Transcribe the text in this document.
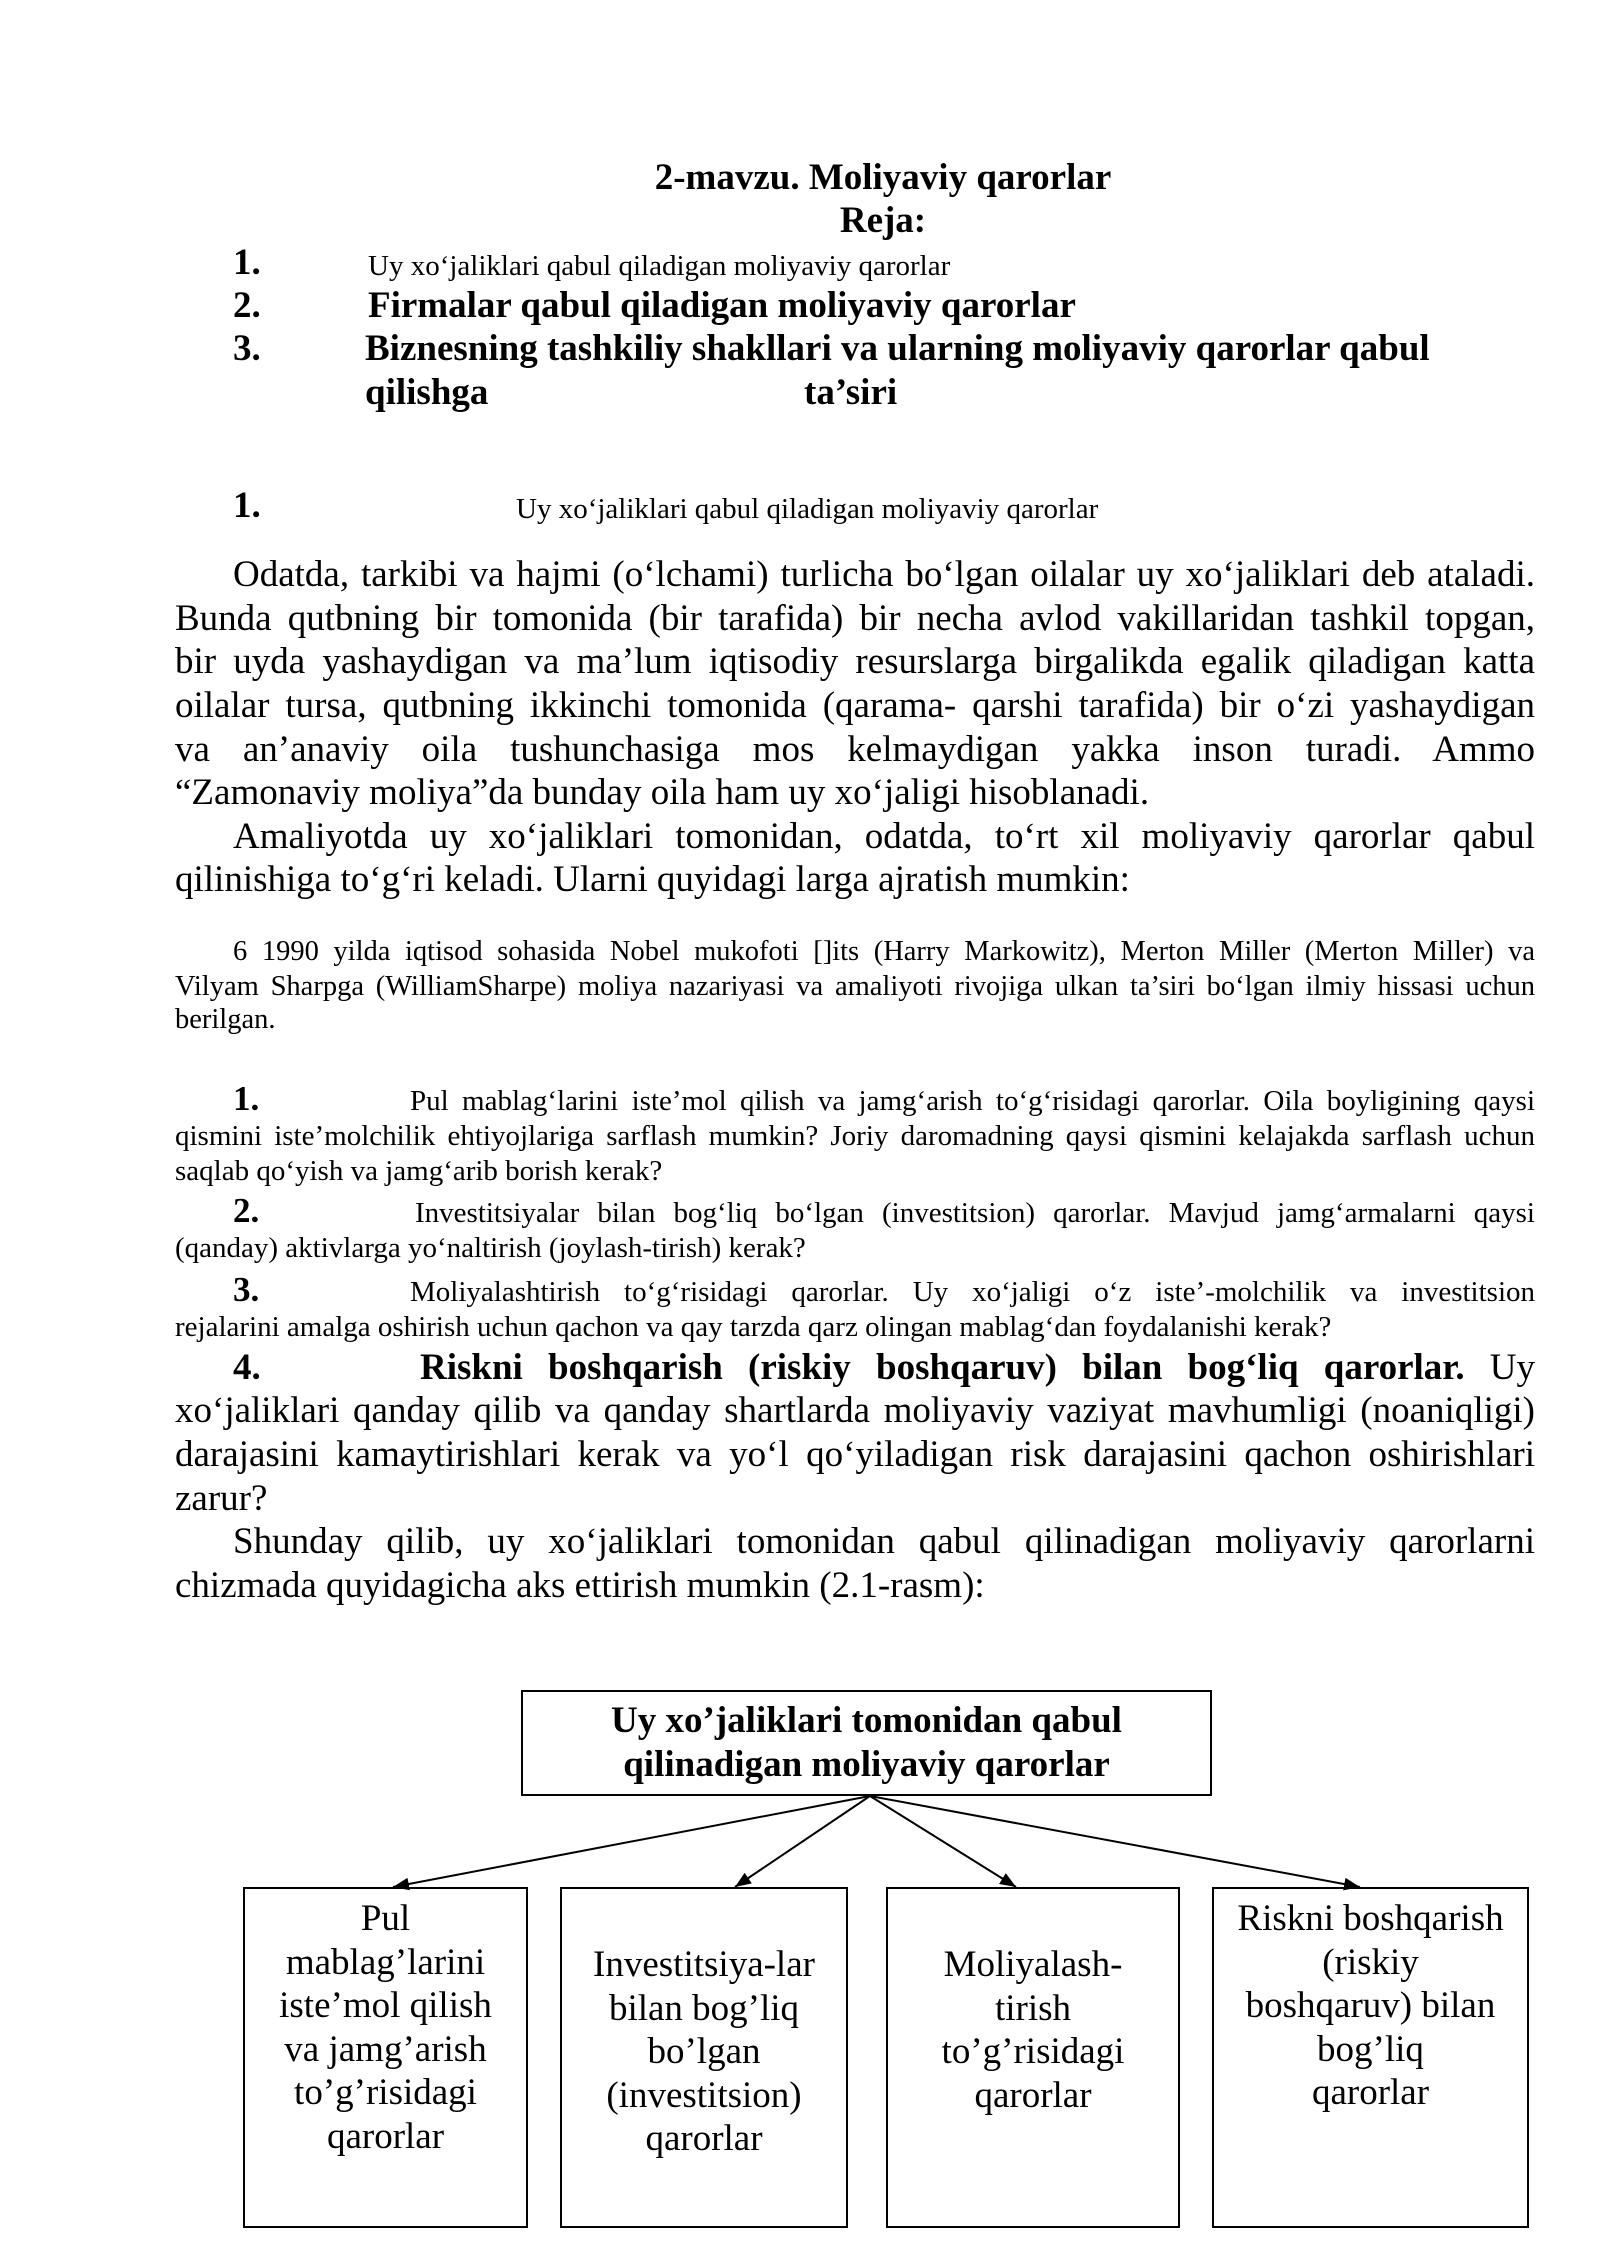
2-mavzu. Moliyaviy qarorlar
Reja:
1.	Uy xo‘jaliklari qabul qiladigan moliyaviy qarorlar
2.	Firmalar qabul qiladigan moliyaviy qarorlar
3.	Biznesning tashkiliy shakllari va ularning moliyaviy qarorlar qabul
qilishga	ta’siri
1.	Uy xo‘jaliklari qabul qiladigan moliyaviy qarorlar
Odatda, tarkibi va hajmi (o‘lchami) turlicha bo‘lgan oilalar uy xo‘jaliklari deb ataladi.
Bunda qutbning bir tomonida (bir tarafida) bir necha avlod vakillaridan tashkil topgan,
bir uyda yashaydigan va ma’lum iqtisodiy resurslarga birgalikda egalik qiladigan katta
oilalar tursa, qutbning ikkinchi tomonida (qarama- qarshi tarafida) bir o‘zi yashaydigan
va an’anaviy oila tushunchasiga mos kelmaydigan yakka inson turadi. Ammo
“Zamonaviy moliya”da bunday oila ham uy xo‘jaligi hisoblanadi.
Amaliyotda uy xo‘jaliklari tomonidan, odatda, to‘rt xil moliyaviy qarorlar qabul
qilinishiga to‘g‘ri keladi. Ularni quyidagi larga ajratish mumkin:
6 1990 yilda iqtisod sohasida Nobel mukofoti []its (Harry Markowitz), Merton Miller (Merton Miller) va
Vilyam Sharpga (WilliamSharpe) moliya nazariyasi va amaliyoti rivojiga ulkan ta’siri bo‘lgan ilmiy hissasi uchun
berilgan.
1.	Pul mablag‘larini iste’mol qilish va jamg‘arish to‘g‘risidagi qarorlar. Oila boyligining qaysi
qismini iste’molchilik ehtiyojlariga sarflash mumkin? Joriy daromadning qaysi qismini kelajakda sarflash uchun
saqlab qo‘yish va jamg‘arib borish kerak?
2.	Investitsiyalar bilan bog‘liq bo‘lgan (investitsion) qarorlar. Mavjud jamg‘armalarni qaysi
(qanday) aktivlarga yo‘naltirish (joylash-tirish) kerak?
3.	Moliyalashtirish to‘g‘risidagi qarorlar. Uy xo‘jaligi o‘z iste’-molchilik va investitsion
rejalarini amalga oshirish uchun qachon va qay tarzda qarz olingan mablag‘dan foydalanishi kerak?
4.	Riskni boshqarish (riskiy boshqaruv) bilan bog‘liq qarorlar. Uy
xo‘jaliklari qanday qilib va qanday shartlarda moliyaviy vaziyat mavhumligi (noaniqligi)
darajasini kamaytirishlari kerak va yo‘l qo‘yiladigan risk darajasini qachon oshirishlari
zarur?
Shunday qilib, uy xo‘jaliklari tomonidan qabul qilinadigan moliyaviy qarorlarni
chizmada quyidagicha aks ettirish mumkin (2.1-rasm):
Uy xo’jaliklari tomonidan qabul
qilinadigan moliyaviy qarorlar
Pul
mablag’larini
iste’mol qilish
va jamg’arish
to’g’risidagi
qarorlar
Investitsiya-lar
bilan bog’liq
bo’lgan
(investitsion)
qarorlar
Moliyalash-
tirish
to’g’risidagi
qarorlar
Riskni boshqarish
(riskiy
boshqaruv) bilan
bog’liq
qarorlar
